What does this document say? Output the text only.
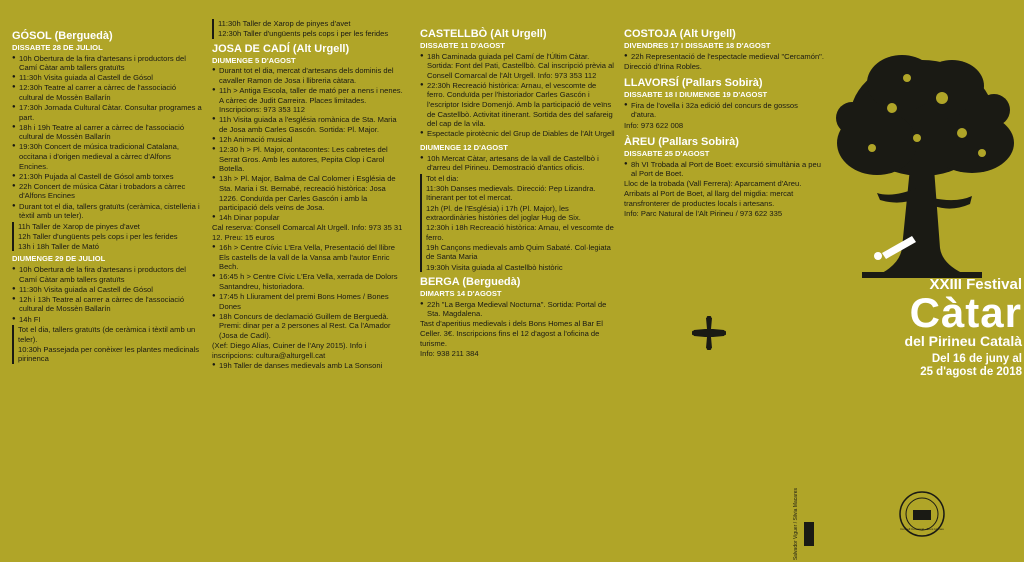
GÓSOL (Berguedà)
DISSABTE 28 DE JULIOL
● 10h Obertura de la fira d'artesans i productors del Camí Càtar amb tallers gratuïts
● 11:30h Visita guiada al Castell de Gósol
● 12:30h Teatre al carrer a càrrec de l'associació cultural de Mossèn Ballarín
● 17:30h Jornada Cultural Càtar. Consultar programes a part.
● 18h i 19h Teatre al carrer a càrrec de l'associació cultural de Mossèn Ballarín
● 19:30h Concert de música tradicional Catalana, occitana i d'origen medieval a càrrec d'Alfons Encines.
● 21:30h Pujada al Castell de Gósol amb torxes
● 22h Concert de música Càtar i trobadors a càrrec d'Alfons Encines
● Durant tot el dia, tallers gratuïts (ceràmica, cistelleria i tèxtil amb un teler).
11h Taller de Xarop de pinyes d'avet
12h Taller d'ungüents pels cops i per les ferides
13h i 18h Taller de Mató
DIUMENGE 29 DE JULIOL
● 10h Obertura de la fira d'artesans i productors del Camí Càtar amb tallers gratuïts
● 11:30h Visita guiada al Castell de Gósol
● 12h i 13h Teatre al carrer a càrrec de l'associació cultural de Mossèn Ballarín
● 14h FI
Tot el dia, tallers gratuïts (de ceràmica i tèxtil amb un teler).
10:30h Passejada per conèixer les plantes medicinals pirinenca
11:30h Taller de Xarop de pinyes d'avet
12:30h Taller d'ungüents pels cops i per les ferides
JOSA DE CADÍ (Alt Urgell)
DIUMENGE 5 D'AGOST
● Durant tot el dia, mercat d'artesans dels dominis del cavaller Ramon de Josa i llibreria càtara.
● 11h > Antiga Escola, taller de mató per a nens i nenes. A càrrec de Judit Carreira. Places limitades. Inscripcions: 973 353 112
● 11h Visita guiada a l'església romànica de Sta. Maria de Josa amb Carles Gascón. Sortida: Pl. Major.
● 12h Animació musical
● 12:30 h > Pl. Major, contacontes: Les cabretes del Serrat Gros. Amb les autores, Pepita Clop i Carol Botella.
● 13h > Pl. Major, Balma de Cal Colomer i Església de Sta. Maria i St. Bernabé, recreació històrica: Josa 1226. Conduïda per Carles Gascón i amb la participació dels veïns de Josa.
● 14h Dinar popular
Cal reserva: Consell Comarcal Alt Urgell. Info: 973 35 31 12. Preu: 15 euros
● 16h > Centre Cívic L'Era Vella, Presentació del llibre Els castells de la vall de la Vansa amb l'autor Enric Bech.
● 16:45 h > Centre Cívic L'Era Vella, xerrada de Dolors Santandreu, historiadora.
● 17:45 h Lliurament del premi Bons Homes / Bones Dones
● 18h Concurs de declamació Guillem de Berguedà. Premi: dinar per a 2 persones al Rest. Ca l'Amador (Josa de Cadí).
(Xef: Diego Alías, Cuiner de l'Any 2015). Info i inscripcions: cultura@alturgell.cat
● 19h Taller de danses medievals amb La Sonsoni
CASTELLBÒ (Alt Urgell)
DISSABTE 11 D'AGOST
● 18h Caminada guiada pel Camí de l'Últim Càtar. Sortida: Font del Pati, Castellbò. Cal inscripció prèvia al Consell Comarcal de l'Alt Urgell. Info: 973 353 112
● 22:30h Recreació històrica: Arnau, el vescomte de ferro. Conduïda per l'historiador Carles Gascón i l'escriptor Isidre Domenjó. Amb la participació de veïns de Castellbò. Activitat itinerant. Sortida des del safareig del cap de la vila.
● Espectacle pirotècnic del Grup de Diables de l'Alt Urgell
DIUMENGE 12 D'AGOST
● 10h Mercat Càtar, artesans de la vall de Castellbò i d'arreu del Pirineu. Demostració d'antics oficis.
Tot el dia:
11:30h Danses medievals. Direcció: Pep Lizandra. Itinerant per tot el mercat.
12h (Pl. de l'Església) i 17h (Pl. Major), les extraordinàries històries del joglar Hug de Six.
12:30h i 18h Recreació històrica: Arnau, el vescomte de ferro.
19h Cançons medievals amb Quim Sabaté. Col·legiata de Santa Maria
19:30h Visita guiada al Castellbò històric
BERGA (Berguedà)
DIMARTS 14 D'AGOST
● 22h "La Berga Medieval Nocturna". Sortida: Portal de Sta. Magdalena.
Tast d'aperitius medievals i dels Bons Homes al Bar El Celler. 3€. Inscripcions fins el 12 d'agost a l'oficina de turisme.
Info: 938 211 384
COSTOJA (Alt Urgell)
DIVENDRES 17 I DISSABTE 18 D'AGOST
● 22h Representació de l'espectacle medieval "Cercamón".
Direcció d'Irina Robles.
LLAVORSÍ (Pallars Sobirà)
DISSABTE 18 I DIUMENGE 19 D'AGOST
● Fira de l'ovella i 32a edició del concurs de gossos d'atura.
Info: 973 622 008
ÀREU (Pallars Sobirà)
DISSABTE 25 D'AGOST
● 8h VI Trobada al Port de Boet: excursió simultània a peu al Port de Boet.
Lloc de la trobada (Vall Ferrera): Aparcament d'Areu. Arribats al Port de Boet, al llarg del migdia: mercat transfronterer de productes locals i artesans.
Info: Parc Natural de l'Alt Pirineu / 973 622 335
XXIII Festival
Càtar
del Pirineu Català
Del 16 de juny al
25 d'agost de 2018
Salvador Viguer / Silvia Macares	Consell Comarcal · Bons Homes
